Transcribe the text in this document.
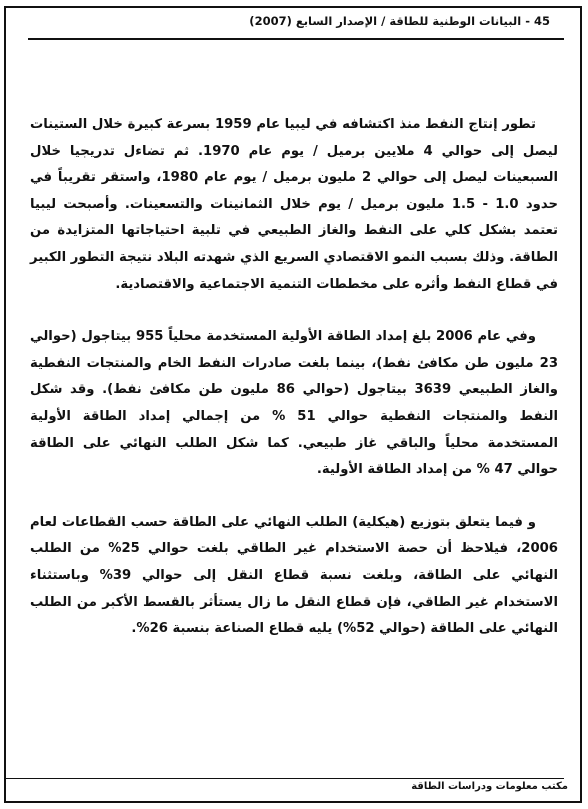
45 - البيانات الوطنية للطاقة / الإصدار السابع (2007)

تطور إنتاج النفط منذ اكتشافه في ليبيا عام 1959 بسرعة كبيرة خلال الستينات ليصل إلى حوالي 4 ملايين برميل / يوم عام 1970. ثم تضاءل تدريجيا خلال السبعينات ليصل إلى حوالي 2 مليون برميل / يوم عام 1980، واستقر تقريباً في حدود 1.0 - 1.5 مليون برميل / يوم خلال الثمانينات والتسعينات. وأصبحت ليبيا تعتمد بشكل كلي على النفط والغاز الطبيعي في تلبية احتياجاتها المتزايدة من الطاقة. وذلك بسبب النمو الاقتصادي السريع الذي شهدته البلاد نتيجة التطور الكبير في قطاع النفط وأثره على مخططات التنمية الاجتماعية والاقتصادية.

وفي عام 2006 بلغ إمداد الطاقة الأولية المستخدمة محلياً 955 بيتاجول (حوالي 23 مليون طن مكافئ نفط)، بينما بلغت صادرات النفط الخام والمنتجات النفطية والغاز الطبيعي 3639 بيتاجول (حوالي 86 مليون طن مكافئ نفط). وقد شكل النفط والمنتجات النفطية حوالي 51 % من إجمالي إمداد الطاقة الأولية المستخدمة محلياً والباقي غاز طبيعي. كما شكل الطلب النهائي على الطاقة حوالي 47 % من إمداد الطاقة الأولية.

و فيما يتعلق بتوزيع (هيكلية) الطلب النهائي على الطاقة حسب القطاعات لعام 2006، فيلاحظ أن حصة الاستخدام غير الطاقي بلغت حوالي 25% من الطلب النهائي على الطاقة، وبلغت نسبة قطاع النقل إلى حوالي 39% وباستثناء الاستخدام غير الطاقي، فإن قطاع النقل ما زال يستأثر بالقسط الأكبر من الطلب النهائي على الطاقة (حوالي 52%) يليه قطاع الصناعة بنسبة 26%.

مكتب معلومات ودراسات الطاقة
